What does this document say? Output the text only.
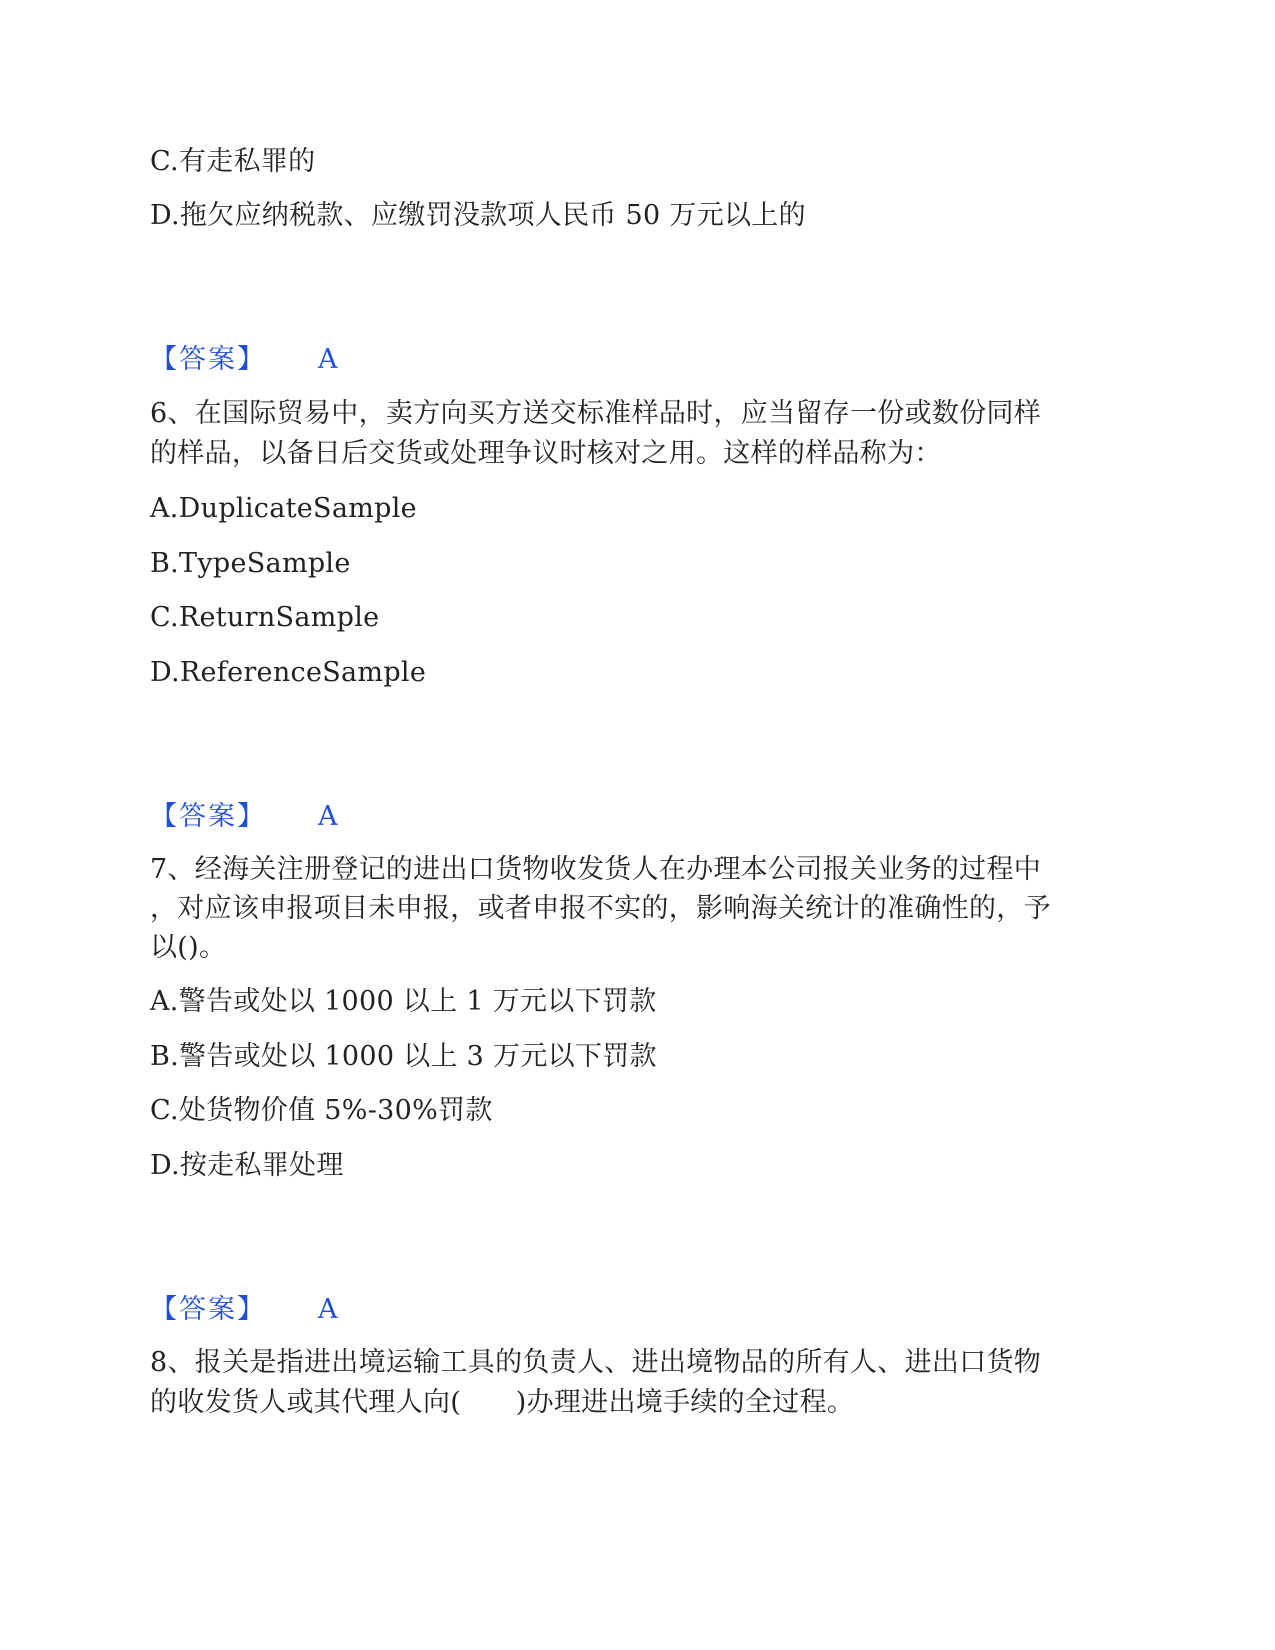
C.有走私罪的
D.拖欠应纳税款、应缴罚没款项人民币 50 万元以上的
【答案】 A
6、在国际贸易中，卖方向买方送交标准样品时，应当留存一份或数份同样
的样品，以备日后交货或处理争议时核对之用。这样的样品称为：
A.DuplicateSample
B.TypeSample
C.ReturnSample
D.ReferenceSample
【答案】 A
7、经海关注册登记的进出口货物收发货人在办理本公司报关业务的过程中
，对应该申报项目未申报，或者申报不实的，影响海关统计的准确性的，予
以()。
A.警告或处以 1000 以上 1 万元以下罚款
B.警告或处以 1000 以上 3 万元以下罚款
C.处货物价值 5%-30%罚款
D.按走私罪处理
【答案】 A
8、报关是指进出境运输工具的负责人、进出境物品的所有人、进出口货物
的收发货人或其代理人向(　　)办理进出境手续的全过程。
